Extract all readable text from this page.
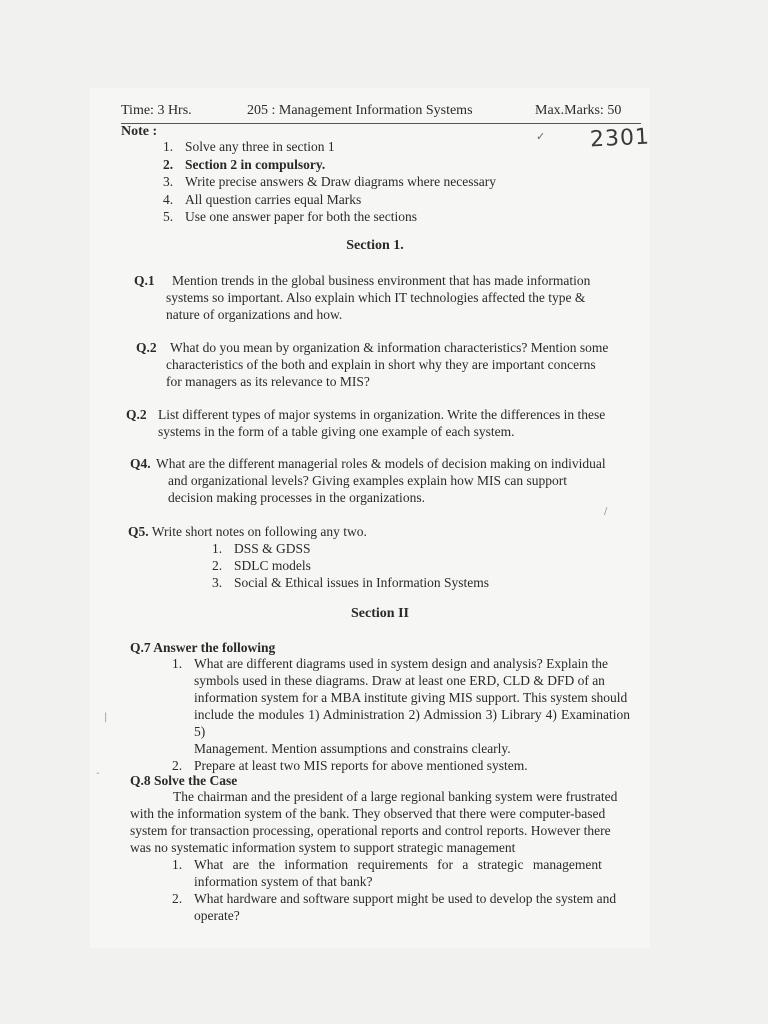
Time: 3 Hrs.	205 : Management Information Systems	Max.Marks: 50
✓ 2301
Note :
1. Solve any three in section 1
2. Section 2 in compulsory.
3. Write precise answers & Draw diagrams where necessary
4. All question carries equal Marks
5. Use one answer paper for both the sections
Section 1.
Q.1	Mention trends in the global business environment that has made information
systems so important. Also explain which IT technologies affected the type &
nature of organizations and how.
Q.2 What do you mean by organization & information characteristics? Mention some
characteristics of the both and explain in short why they are important concerns
for managers as its relevance to MIS?
Q.2 List different types of major systems in organization. Write the differences in these
systems in the form of a table giving one example of each system.
Q4. What are the different managerial roles & models of decision making on individual
and organizational levels? Giving examples explain how MIS can support
decision making processes in the organizations.
/
Q5. Write short notes on following any two.
1. DSS & GDSS
2. SDLC models
3. Social & Ethical issues in Information Systems
Section II
Q.7 Answer the following
1. What are different diagrams used in system design and analysis? Explain the
symbols used in these diagrams. Draw at least one ERD, CLD & DFD of an
information system for a MBA institute giving MIS support. This system should
include the modules 1) Administration 2) Admission 3) Library 4) Examination 5)
Management. Mention assumptions and constrains clearly.
2. Prepare at least two MIS reports for above mentioned system.
|
Q.8 Solve the Case
-
The chairman and the president of a large regional banking system were frustrated
with the information system of the bank. They observed that there were computer-based
system for transaction processing, operational reports and control reports. However there
was no systematic information system to support strategic management
1. What are the information requirements for a strategic management
information system of that bank?
2. What hardware and software support might be used to develop the system and
operate?
